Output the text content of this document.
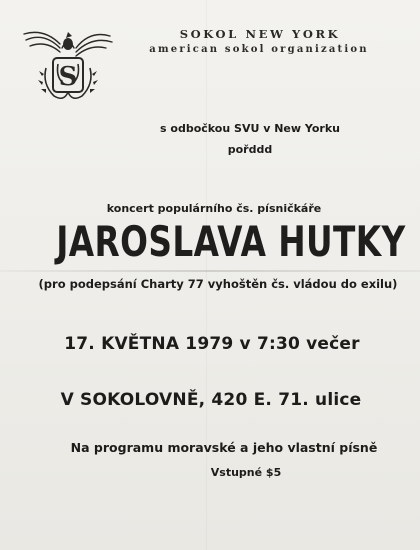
S
SOKOL NEW YORK
american sokol organization
s odbočkou SVU v New Yorku
pořddd
koncert populárního čs. písničkáře
JAROSLAVA HUTKY
(pro podepsání Charty 77 vyhoštěn čs. vládou do exilu)
17. KVĚTNA 1979 v 7:30 večer
V SOKOLOVNĚ, 420 E. 71. ulice
Na programu moravské a jeho vlastní písně
Vstupné $5
